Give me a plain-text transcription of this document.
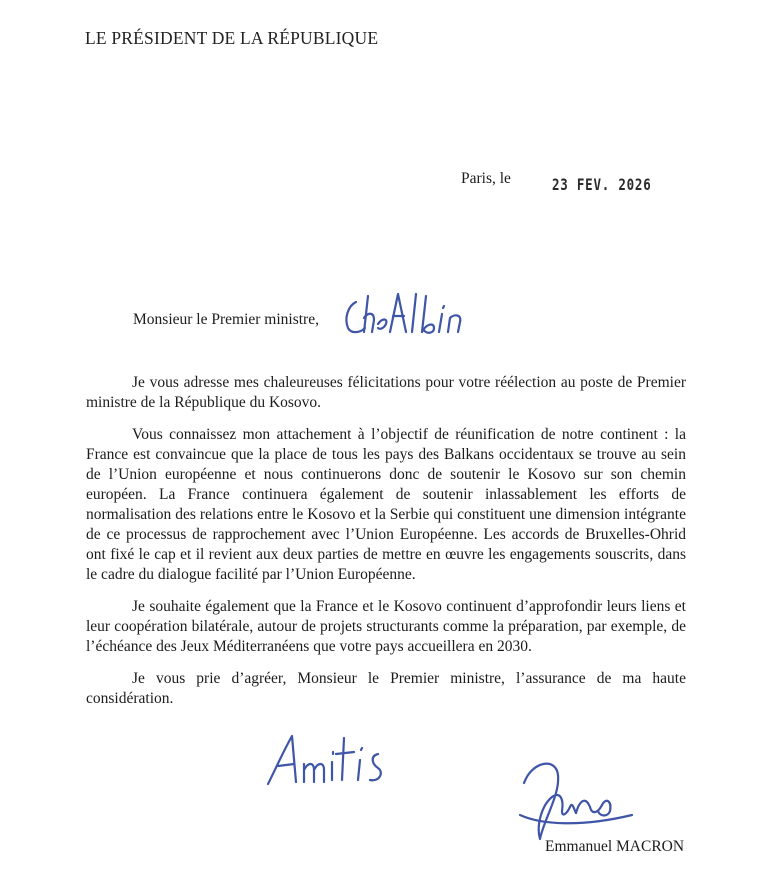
LE PRÉSIDENT DE LA RÉPUBLIQUE
Paris, le	23 FEV. 2026
Monsieur le Premier ministre,

Je vous adresse mes chaleureuses félicitations pour votre réélection au poste de Premier ministre de la République du Kosovo.

Vous connaissez mon attachement à l’objectif de réunification de notre continent : la France est convaincue que la place de tous les pays des Balkans occidentaux se trouve au sein de l’Union européenne et nous continuerons donc de soutenir le Kosovo sur son chemin européen. La France continuera également de soutenir inlassablement les efforts de normalisation des relations entre le Kosovo et la Serbie qui constituent une dimension intégrante de ce processus de rapprochement avec l’Union Européenne. Les accords de Bruxelles-Ohrid ont fixé le cap et il revient aux deux parties de mettre en œuvre les engagements souscrits, dans le cadre du dialogue facilité par l’Union Européenne.

Je souhaite également que la France et le Kosovo continuent d’approfondir leurs liens et leur coopération bilatérale, autour de projets structurants comme la préparation, par exemple, de l’échéance des Jeux Méditerranéens que votre pays accueillera en 2030.

Je vous prie d’agréer, Monsieur le Premier ministre, l’assurance de ma haute considération.

Emmanuel MACRON
